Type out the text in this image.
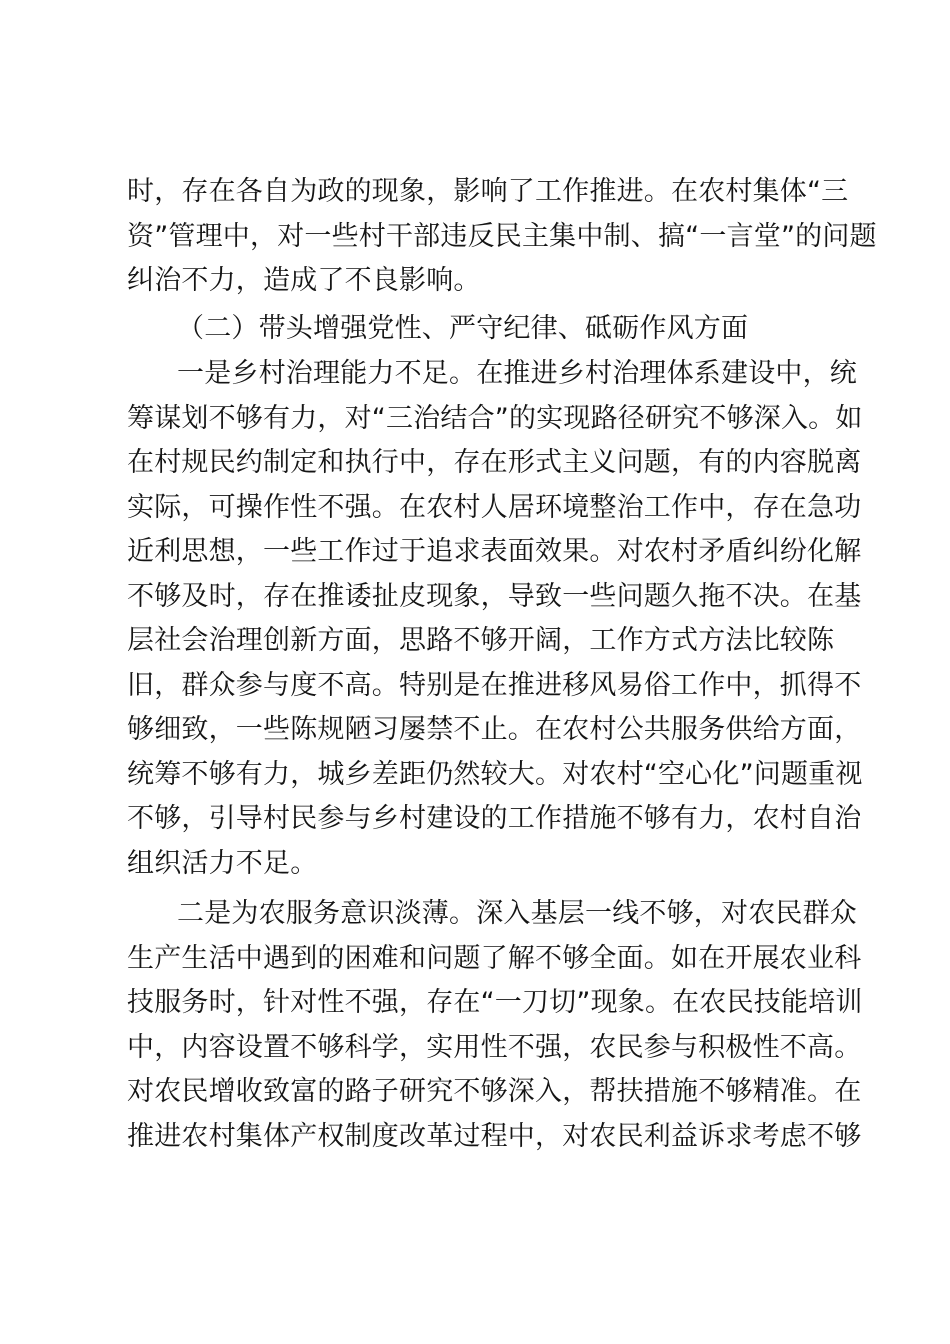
时，存在各自为政的现象，影响了工作推进。在农村集体“三
资”管理中，对一些村干部违反民主集中制、搞“一言堂”的问题
纠治不力，造成了不良影响。

（二）带头增强党性、严守纪律、砥砺作风方面

一是乡村治理能力不足。在推进乡村治理体系建设中，统
筹谋划不够有力，对“三治结合”的实现路径研究不够深入。如
在村规民约制定和执行中，存在形式主义问题，有的内容脱离
实际，可操作性不强。在农村人居环境整治工作中，存在急功
近利思想，一些工作过于追求表面效果。对农村矛盾纠纷化解
不够及时，存在推诿扯皮现象，导致一些问题久拖不决。在基
层社会治理创新方面，思路不够开阔，工作方式方法比较陈
旧，群众参与度不高。特别是在推进移风易俗工作中，抓得不
够细致，一些陈规陋习屡禁不止。在农村公共服务供给方面，
统筹不够有力，城乡差距仍然较大。对农村“空心化”问题重视
不够，引导村民参与乡村建设的工作措施不够有力，农村自治
组织活力不足。

二是为农服务意识淡薄。深入基层一线不够，对农民群众
生产生活中遇到的困难和问题了解不够全面。如在开展农业科
技服务时，针对性不强，存在“一刀切”现象。在农民技能培训
中，内容设置不够科学，实用性不强，农民参与积极性不高。
对农民增收致富的路子研究不够深入，帮扶措施不够精准。在
推进农村集体产权制度改革过程中，对农民利益诉求考虑不够
